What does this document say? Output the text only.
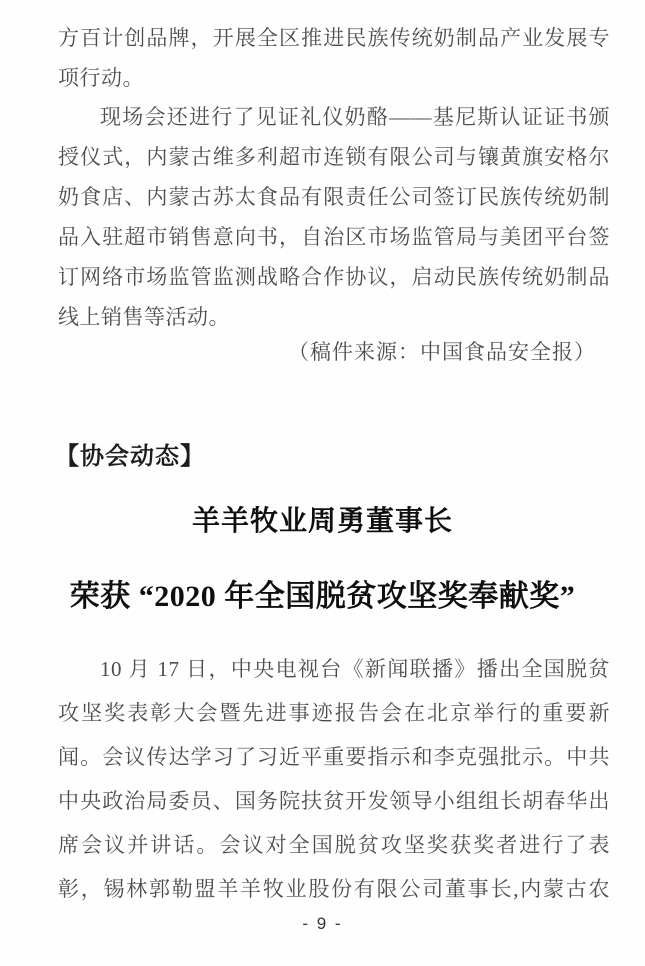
方百计创品牌，开展全区推进民族传统奶制品产业发展专
项行动。
现场会还进行了见证礼仪奶酪——基尼斯认证证书颁
授仪式，内蒙古维多利超市连锁有限公司与镶黄旗安格尔
奶食店、内蒙古苏太食品有限责任公司签订民族传统奶制
品入驻超市销售意向书，自治区市场监管局与美团平台签
订网络市场监管监测战略合作协议，启动民族传统奶制品
线上销售等活动。
（稿件来源：中国食品安全报）
【协会动态】
羊羊牧业周勇董事长
荣获 “2020 年全国脱贫攻坚奖奉献奖”
10 月 17 日，中央电视台《新闻联播》播出全国脱贫
攻坚奖表彰大会暨先进事迹报告会在北京举行的重要新
闻。会议传达学习了习近平重要指示和李克强批示。中共
中央政治局委员、国务院扶贫开发领导小组组长胡春华出
席会议并讲话。会议对全国脱贫攻坚奖获奖者进行了表
彰，锡林郭勒盟羊羊牧业股份有限公司董事长,内蒙古农
- 9 -
